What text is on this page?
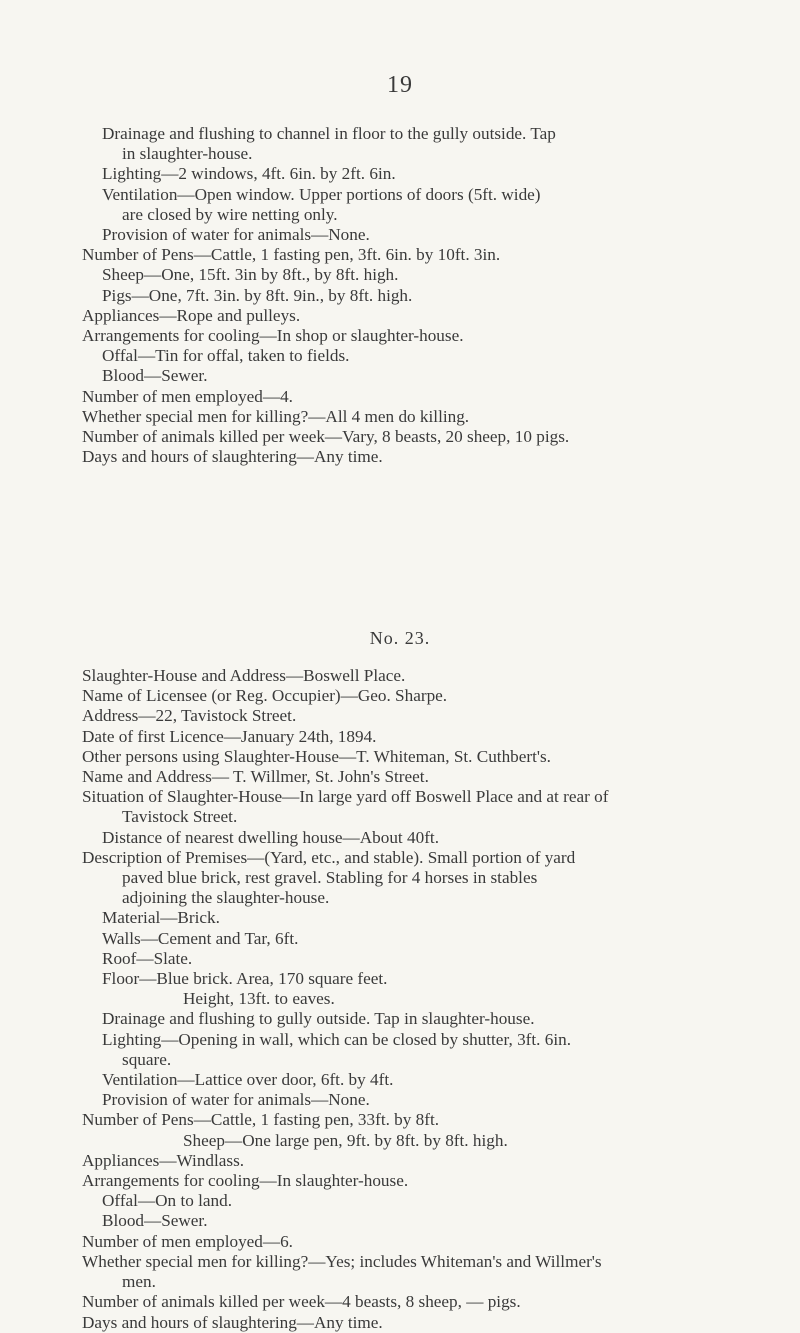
19
Drainage and flushing to channel in floor to the gully outside. Tap
in slaughter-house.
Lighting—2 windows, 4ft. 6in. by 2ft. 6in.
Ventilation—Open window. Upper portions of doors (5ft. wide)
are closed by wire netting only.
Provision of water for animals—None.
Number of Pens—Cattle, 1 fasting pen, 3ft. 6in. by 10ft. 3in.
Sheep—One, 15ft. 3in by 8ft., by 8ft. high.
Pigs—One, 7ft. 3in. by 8ft. 9in., by 8ft. high.
Appliances—Rope and pulleys.
Arrangements for cooling—In shop or slaughter-house.
Offal—Tin for offal, taken to fields.
Blood—Sewer.
Number of men employed—4.
Whether special men for killing?—All 4 men do killing.
Number of animals killed per week—Vary, 8 beasts, 20 sheep, 10 pigs.
Days and hours of slaughtering—Any time.
No. 23.
Slaughter-House and Address—Boswell Place.
Name of Licensee (or Reg. Occupier)—Geo. Sharpe.
Address—22, Tavistock Street.
Date of first Licence—January 24th, 1894.
Other persons using Slaughter-House—T. Whiteman, St. Cuthbert's.
Name and Address— T. Willmer, St. John's Street.
Situation of Slaughter-House—In large yard off Boswell Place and at rear of
Tavistock Street.
Distance of nearest dwelling house—About 40ft.
Description of Premises—(Yard, etc., and stable). Small portion of yard
paved blue brick, rest gravel. Stabling for 4 horses in stables
adjoining the slaughter-house.
Material—Brick.
Walls—Cement and Tar, 6ft.
Roof—Slate.
Floor—Blue brick. Area, 170 square feet.
Height, 13ft. to eaves.
Drainage and flushing to gully outside. Tap in slaughter-house.
Lighting—Opening in wall, which can be closed by shutter, 3ft. 6in.
square.
Ventilation—Lattice over door, 6ft. by 4ft.
Provision of water for animals—None.
Number of Pens—Cattle, 1 fasting pen, 33ft. by 8ft.
Sheep—One large pen, 9ft. by 8ft. by 8ft. high.
Appliances—Windlass.
Arrangements for cooling—In slaughter-house.
Offal—On to land.
Blood—Sewer.
Number of men employed—6.
Whether special men for killing?—Yes; includes Whiteman's and Willmer's
men.
Number of animals killed per week—4 beasts, 8 sheep, — pigs.
Days and hours of slaughtering—Any time.
